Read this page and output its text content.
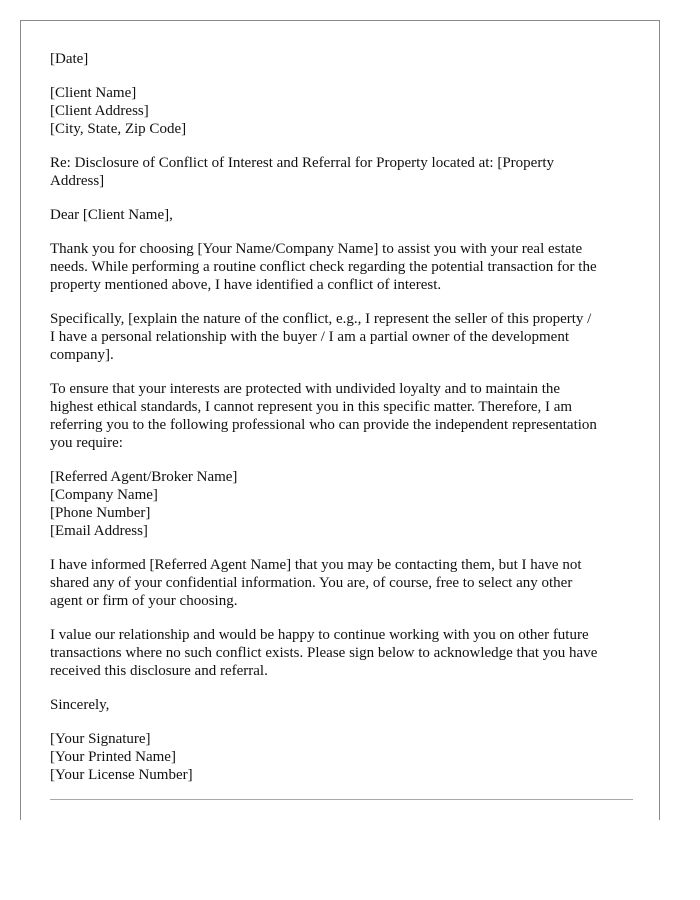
[Date]
[Client Name]
[Client Address]
[City, State, Zip Code]
Re: Disclosure of Conflict of Interest and Referral for Property located at: [Property
Address]
Dear [Client Name],
Thank you for choosing [Your Name/Company Name] to assist you with your real estate
needs. While performing a routine conflict check regarding the potential transaction for the
property mentioned above, I have identified a conflict of interest.
Specifically, [explain the nature of the conflict, e.g., I represent the seller of this property /
I have a personal relationship with the buyer / I am a partial owner of the development
company].
To ensure that your interests are protected with undivided loyalty and to maintain the
highest ethical standards, I cannot represent you in this specific matter. Therefore, I am
referring you to the following professional who can provide the independent representation
you require:
[Referred Agent/Broker Name]
[Company Name]
[Phone Number]
[Email Address]
I have informed [Referred Agent Name] that you may be contacting them, but I have not
shared any of your confidential information. You are, of course, free to select any other
agent or firm of your choosing.
I value our relationship and would be happy to continue working with you on other future
transactions where no such conflict exists. Please sign below to acknowledge that you have
received this disclosure and referral.
Sincerely,
[Your Signature]
[Your Printed Name]
[Your License Number]
